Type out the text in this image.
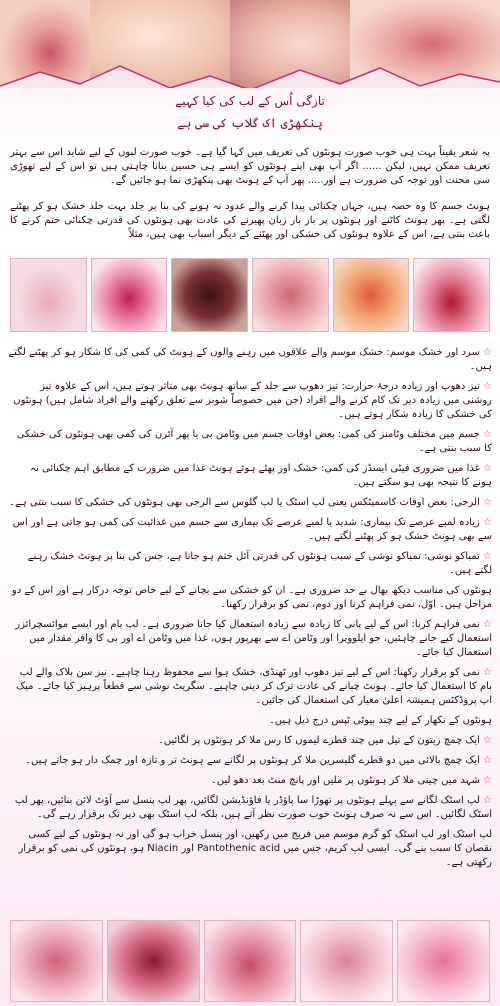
تازگی اُس کے لب کی کیا کہیے
پنکھڑی اک گلاب کی سی ہے
یہ شعر یقیناً بہت ہی خوب صورت ہونٹوں کی تعریف میں کہا گیا ہے۔ خوب صورت لبوں کے لیے شاید اس سے بہتر تعریف ممکن نہیں، لیکن ...... اگر آپ بھی اپنے ہونٹوں کو ایسے ہی حسین بنانا چاہتی ہیں تو اس کے لیے تھوڑی سی محنت اور توجہ کی ضرورت ہے اور..... پھر آپ کے ہونٹ بھی پنکھڑی نما ہو جائیں گے۔
ہونٹ جسم کا وہ حصہ ہیں، جہاں چکنائی پیدا کرنے والے غدود نہ ہونے کی بنا پر جلد بہت جلد خشک ہو کر پھٹنے لگتی ہے۔ پھر ہونٹ کاٹنے اور ہونٹوں پر بار بار زبان پھیرنے کی عادت بھی ہونٹوں کی قدرتی چکنائی ختم کرنے کا باعث بنتی ہے، اس کے علاوہ ہونٹوں کی خشکی اور پھٹنے کے دیگر اسباب بھی ہیں، مثلاً

☆ سرد اور خشک موسم: خشک موسم والے علاقوں میں رہنے والوں کے ہونٹ کی کمی کی کا شکار ہو کر پھٹنے لگتے ہیں۔

☆ تیز دھوپ اور زیادہ درجۂ حرارت: تیز دھوپ سے جلد کے ساتھ ہونٹ بھی متاثر ہوتے ہیں، اس کے علاوہ تیز روشنی میں زیادہ دیر تک کام کرنے والے افراد (جن میں خصوصاً شوبز سے تعلق رکھنے والے افراد شامل ہیں) ہونٹوں کی خشکی کا زیادہ شکار ہوتے ہیں۔

☆ جسم میں مختلف وٹامنز کی کمی: بعض اوقات جسم میں وٹامن بی یا پھر آئرن کی کمی بھی ہونٹوں کی خشکی کا سبب بنتی ہے۔

☆ غذا میں ضروری فیٹی ایسڈز کی کمی: خشک اور پھٹے ہوئے ہونٹ غذا میں ضرورت کے مطابق اہم چکنائی نہ ہونے کا نتیجہ بھی ہو سکتے ہیں۔

☆ الرجی: بعض اوقات کاسمیٹکس یعنی لپ اسٹک یا لپ گلوس سے الرجی بھی ہونٹوں کی خشکی کا سبب بنتی ہے۔

☆ زیادہ لمبے عرصے تک بیماری: شدید یا لمبے عرصے تک بیماری سے جسم میں غذائیت کی کمی ہو جاتی ہے اور اس سے بھی ہونٹ خشک ہو کر پھٹنے لگتے ہیں۔

☆ تمباکو نوشی: تمباکو نوشی کے سبب ہونٹوں کی قدرتی آئل ختم ہو جاتا ہے، جس کی بنا پر ہونٹ خشک رہنے لگتے ہیں۔

ہونٹوں کی مناسب دیکھ بھال بے حد ضروری ہے۔ ان کو خشکی سے بچانے کے لیے خاص توجہ درکار ہے اور اس کے دو مراحل ہیں۔ اوّل، نمی فراہم کرنا اور دوم، نمی کو برقرار رکھنا۔

☆ نمی فراہم کرنا: اس کے لیے پانی کا زیادہ سے زیادہ استعمال کیا جانا ضروری ہے۔ لپ بام اور ایسے موائسچرائزر استعمال کیے جانے چاہئیں، جو ایلوویرا اور وٹامن اے سے بھرپور ہوں، غذا میں وٹامن اے اور بی کا وافر مقدار میں استعمال کیا جائے۔

☆ نمی کو برقرار رکھنا: اس کے لیے تیز دھوپ اور ٹھنڈی، خشک ہوا سے محفوظ رہنا چاہیے۔ نیز سن بلاک والے لپ بام کا استعمال کیا جائے۔ ہونٹ چبانے کی عادت ترک کر دینی چاہیے۔ سگریٹ نوشی سے قطعاً پرہیز کیا جائے۔ میک اپ پروڈکٹس ہمیشہ اعلیٰ معیار کی استعمال کی جائیں۔

ہونٹوں کے نکھار کے لیے چند بیوٹی ٹپس درج ذیل ہیں۔

☆ ایک چمچ زیتون کے تیل میں چند قطرے لیموں کا رس ملا کر ہونٹوں پر لگائیں۔

☆ ایک چمچ بالائی میں دو قطرے گلیسرین ملا کر ہونٹوں پر لگانے سے ہونٹ تر و تازہ اور چمک دار ہو جاتے ہیں۔

☆ شہد میں چینی ملا کر ہونٹوں پر ملیں اور پانچ منٹ بعد دھو لیں۔

☆ لپ اسٹک لگانے سے پہلے ہونٹوں پر تھوڑا سا پاؤڈر یا فاؤنڈیشن لگائیں، پھر لپ پنسل سے آؤٹ لائن بنائیں، پھر لپ اسٹک لگائیں۔ اس سے نہ صرف ہونٹ خوب صورت نظر آتے ہیں، بلکہ لپ اسٹک بھی دیر تک برقرار رہے گی۔

لپ اسٹک اور لپ اسٹک کو گرم موسم میں فریج میں رکھیں، اور پنسل خراب ہو گی اور نہ ہونٹوں کے لیے کسی نقصان کا سبب بنے گی۔ ایسی لپ کریم، جس میں Pantothenic acid اور Niacin ہو، ہونٹوں کی نمی کو برقرار رکھتی ہے۔
